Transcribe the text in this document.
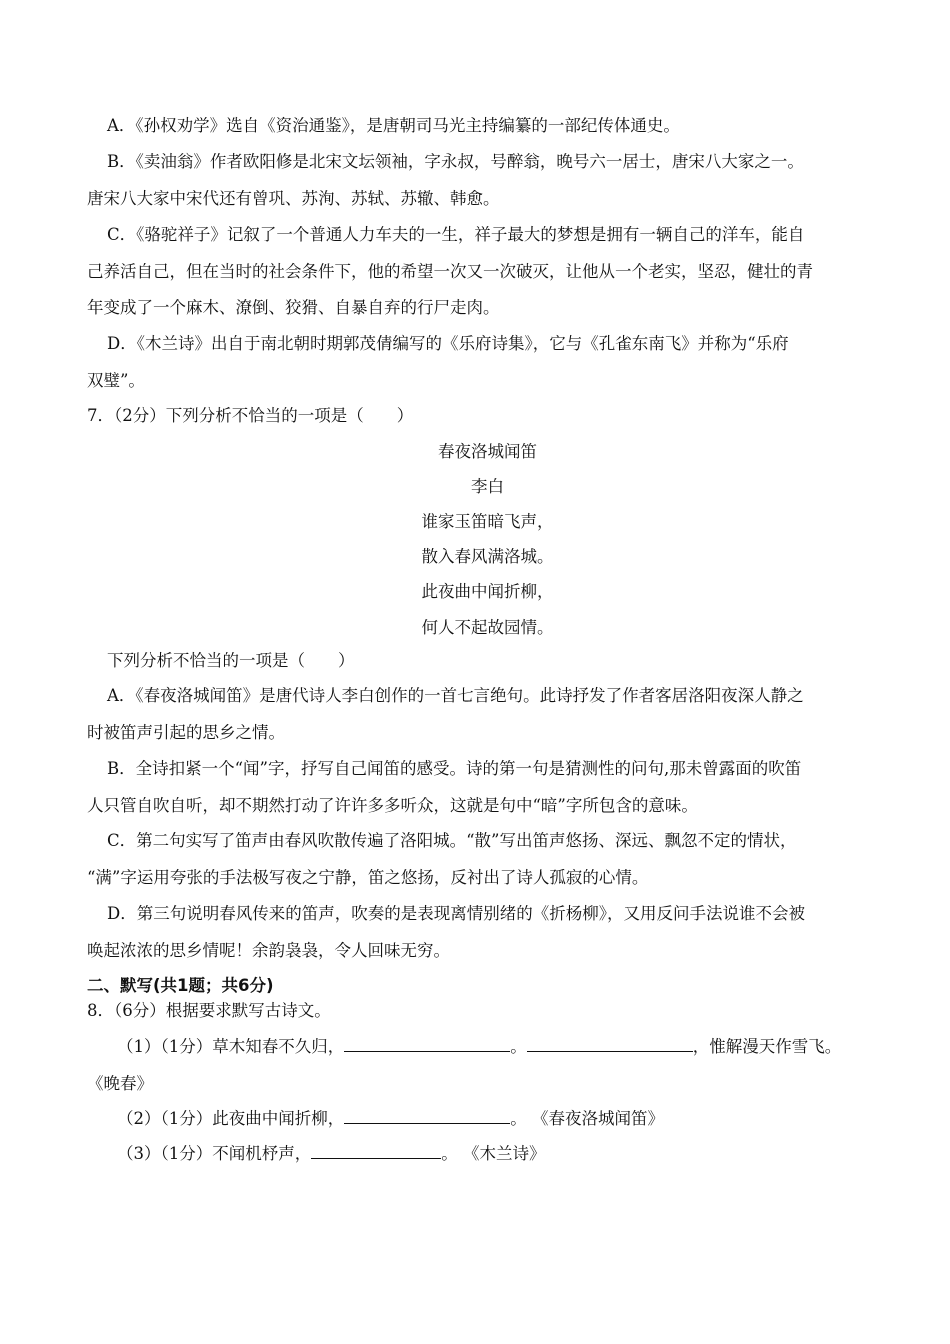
A．《孙权劝学》选自《资治通鉴》，是唐朝司马光主持编纂的一部纪传体通史。
B．《卖油翁》作者欧阳修是北宋文坛领袖，字永叔，号醉翁，晚号六一居士，唐宋八大家之一。
唐宋八大家中宋代还有曾巩、苏洵、苏轼、苏辙、韩愈。
C．《骆驼祥子》记叙了一个普通人力车夫的一生，祥子最大的梦想是拥有一辆自己的洋车，能自
己养活自己，但在当时的社会条件下，他的希望一次又一次破灭，让他从一个老实，坚忍，健壮的青
年变成了一个麻木、潦倒、狡猾、自暴自弃的行尸走肉。
D．《木兰诗》出自于南北朝时期郭茂倩编写的《乐府诗集》，它与《孔雀东南飞》并称为“乐府
双璧”。
7．（2分）下列分析不恰当的一项是（　　）
春夜洛城闻笛
李白
谁家玉笛暗飞声，
散入春风满洛城。
此夜曲中闻折柳，
何人不起故园情。
下列分析不恰当的一项是（　　）
A．《春夜洛城闻笛》是唐代诗人李白创作的一首七言绝句。此诗抒发了作者客居洛阳夜深人静之
时被笛声引起的思乡之情。
B．全诗扣紧一个“闻”字，抒写自己闻笛的感受。诗的第一句是猜测性的问句,那未曾露面的吹笛
人只管自吹自听，却不期然打动了许许多多听众，这就是句中“暗”字所包含的意味。
C．第二句实写了笛声由春风吹散传遍了洛阳城。“散”写出笛声悠扬、深远、飘忽不定的情状，
“满”字运用夸张的手法极写夜之宁静，笛之悠扬，反衬出了诗人孤寂的心情。
D．第三句说明春风传来的笛声，吹奏的是表现离情别绪的《折杨柳》，又用反问手法说谁不会被
唤起浓浓的思乡情呢！余韵袅袅，令人回味无穷。
二、默写(共1题；共6分)
8．（6分）根据要求默写古诗文。
（1）（1分）草木知春不久归，	。	，惟解漫天作雪飞。
《晚春》
（2）（1分）此夜曲中闻折柳，	。 《春夜洛城闻笛》
（3）（1分）不闻机杼声，	。 《木兰诗》
